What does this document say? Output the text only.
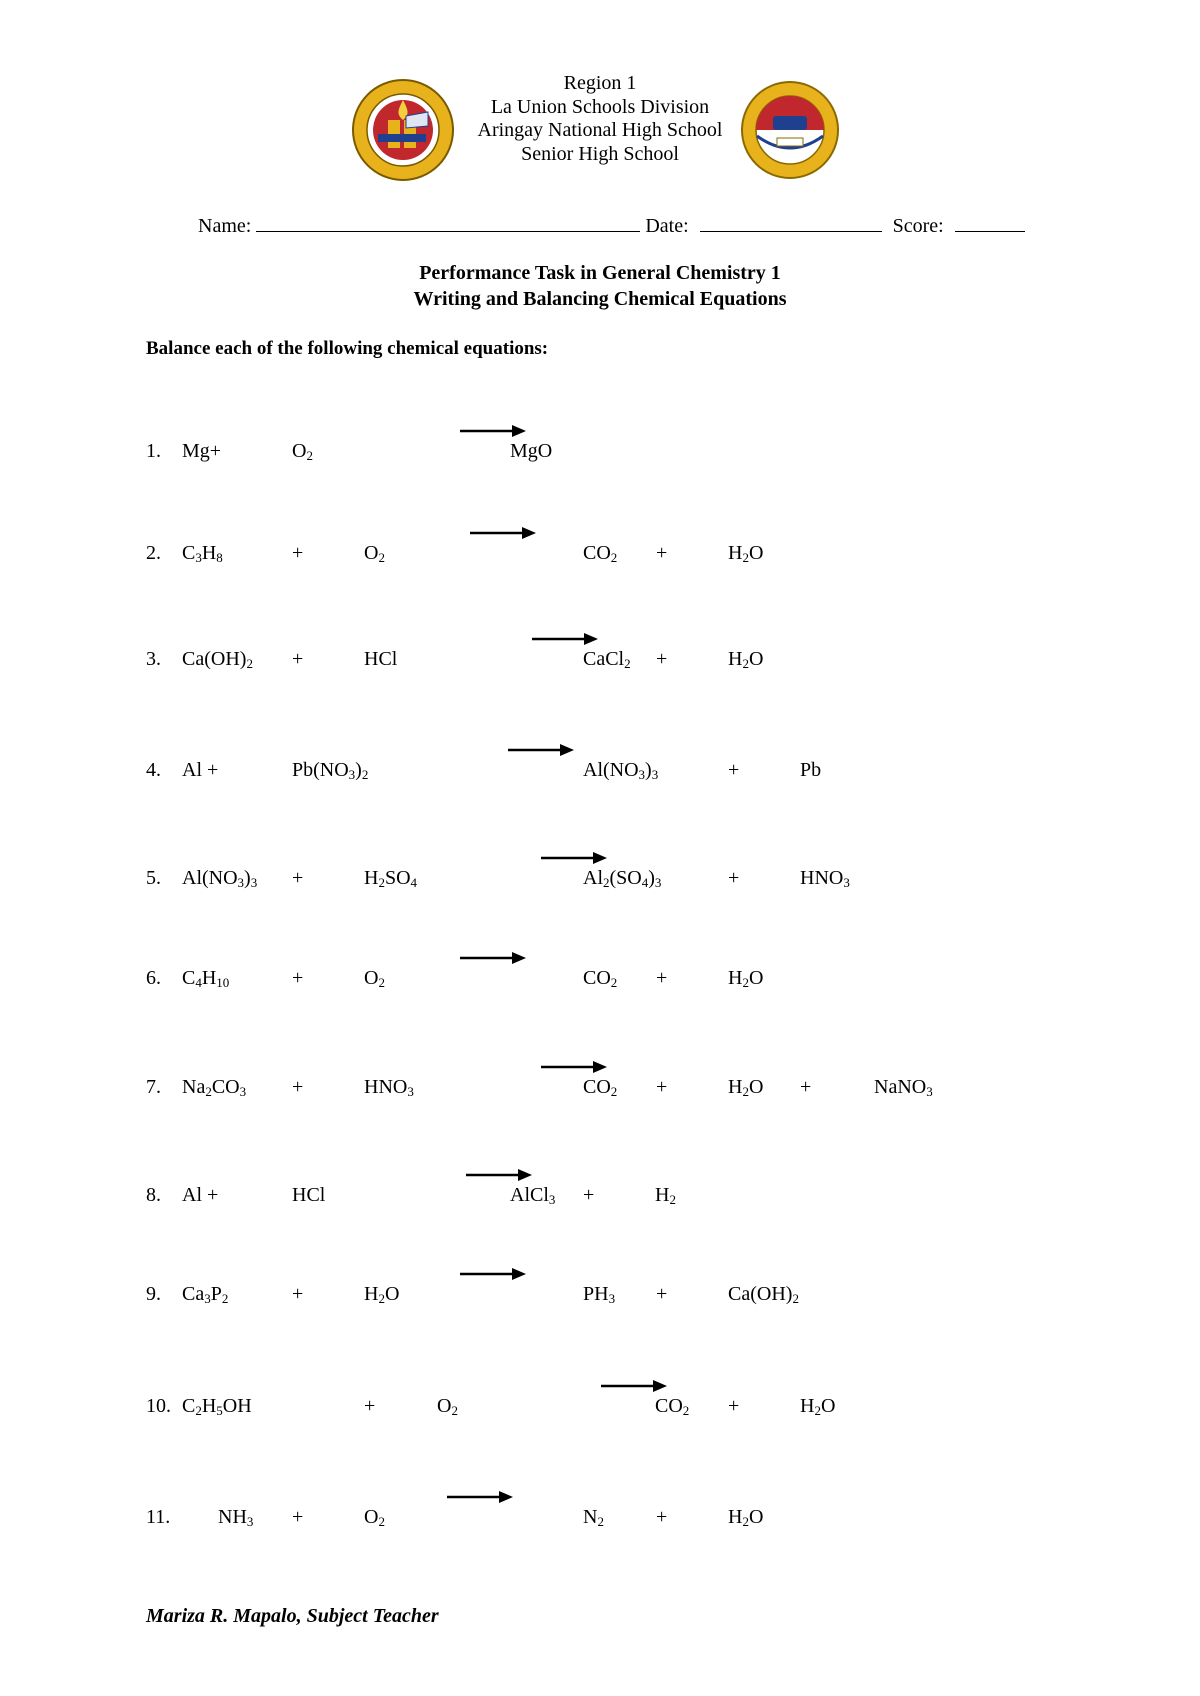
Region 1
La Union Schools Division
Aringay National High School
Senior High School
Name:	Date:	Score:
Performance Task in General Chemistry 1
Writing and Balancing Chemical Equations
Balance each of the following chemical equations:
1. Mg+	$O_2$	MgO
2. $C_3H_8$	+	$O_2$	$CO_2$ +	$H_2O$
3. $Ca(OH)_2$ +	HCl	CaCl$_2$ +	$H_2O$
4. Al +	$Pb(NO_3)_2$	$Al(NO_3)_3$	+	Pb
5. $Al(NO_3)_3$ +	$H_2SO_4$	$Al_2(SO_4)_3$	+	$HNO_3$
6. $C_4H_{10}$	+	$O_2$	$CO_2$ +	$H_2O$
7. $Na_2CO_3$ +	$HNO_3$	$CO_2$ +	$H_2O$ +	NaNO$_3$
8. Al +	HCl	AlCl$_3$ +	$H_2$
9. $Ca_3P_2$	+	$H_2O$	$PH_3$ +	$Ca(OH)_2$
10. $C_2H_5OH$	+	$O_2$	$CO_2$ +	$H_2O$
11. $NH_3$ +	$O_2$	$N_2$	+	$H_2O$
Mariza R. Mapalo, Subject Teacher
